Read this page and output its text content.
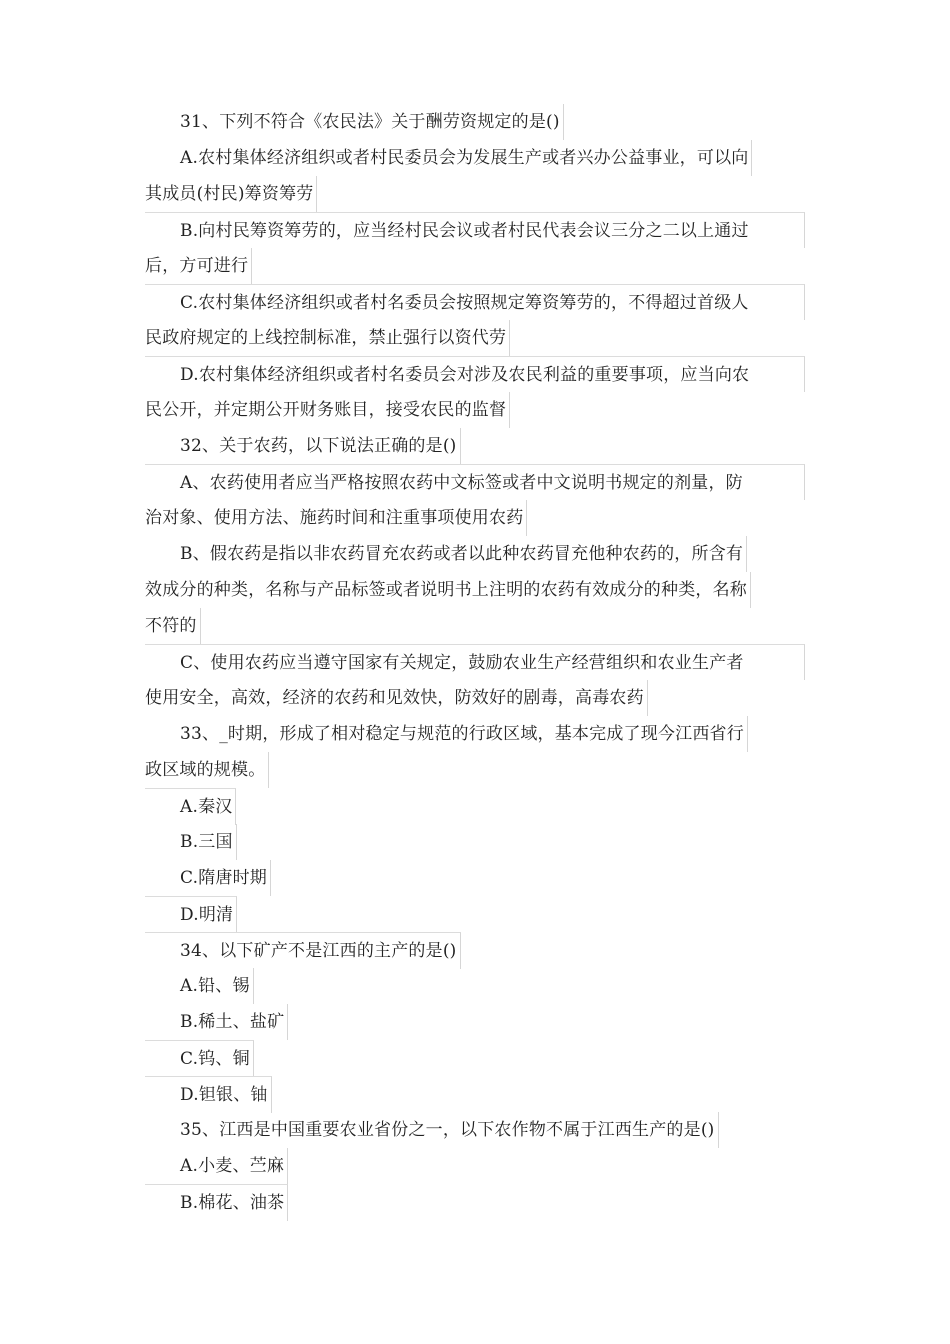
31、下列不符合《农民法》关于酬劳资规定的是()
A.农村集体经济组织或者村民委员会为发展生产或者兴办公益事业，可以向
其成员(村民)筹资筹劳
B.向村民筹资筹劳的，应当经村民会议或者村民代表会议三分之二以上通过
后，方可进行
C.农村集体经济组织或者村名委员会按照规定筹资筹劳的，不得超过首级人
民政府规定的上线控制标准，禁止强行以资代劳
D.农村集体经济组织或者村名委员会对涉及农民利益的重要事项，应当向农
民公开，并定期公开财务账目，接受农民的监督
32、关于农药，以下说法正确的是()
A、农药使用者应当严格按照农药中文标签或者中文说明书规定的剂量，防
治对象、使用方法、施药时间和注重事项使用农药
B、假农药是指以非农药冒充农药或者以此种农药冒充他种农药的，所含有
效成分的种类，名称与产品标签或者说明书上注明的农药有效成分的种类，名称
不符的
C、使用农药应当遵守国家有关规定，鼓励农业生产经营组织和农业生产者
使用安全，高效，经济的农药和见效快，防效好的剧毒，高毒农药
33、_时期，形成了相对稳定与规范的行政区域，基本完成了现今江西省行
政区域的规模。
A.秦汉
B.三国
C.隋唐时期
D.明清
34、以下矿产不是江西的主产的是()
A.铅、锡
B.稀土、盐矿
C.钨、铜
D.钽银、铀
35、江西是中国重要农业省份之一，以下农作物不属于江西生产的是()
A.小麦、苎麻
B.棉花、油茶
